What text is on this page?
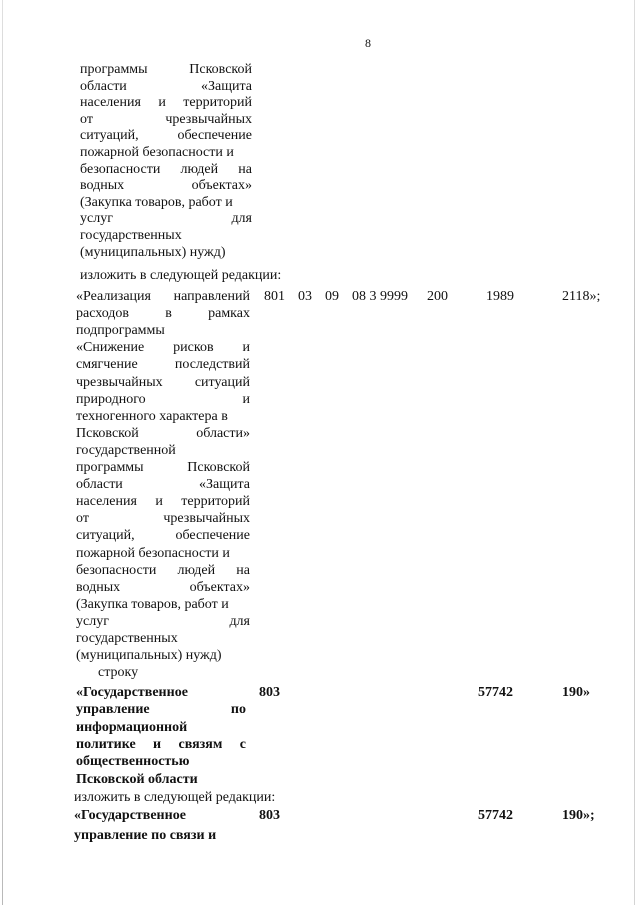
8
программы	Псковской
области	«Защита
населения и территорий
от	чрезвычайных
ситуаций,	обеспечение
пожарной безопасности и
безопасности людей на
водных	объектах»
(Закупка товаров, работ и
услуг	для
государственных
(муниципальных) нужд)
изложить в следующей редакции:
«Реализация направлений
расходов	в	рамках
подпрограммы
«Снижение рисков и
смягчение	последствий
чрезвычайных ситуаций
природного	и
техногенного характера в
Псковской	области»
государственной
программы	Псковской
области	«Защита
населения и территорий
от	чрезвычайных
ситуаций,	обеспечение
пожарной безопасности и
безопасности людей на
водных	объектах»
(Закупка товаров, работ и
услуг	для
государственных
(муниципальных) нужд)
801 03 09 08 3 9999 200	1989	2118»;
строку
«Государственное
управление	по
информационной
политике и связям с
общественностью
Псковской области
803	57742	190»
изложить в следующей редакции:
«Государственное
управление по связи и
803	57742	190»;
